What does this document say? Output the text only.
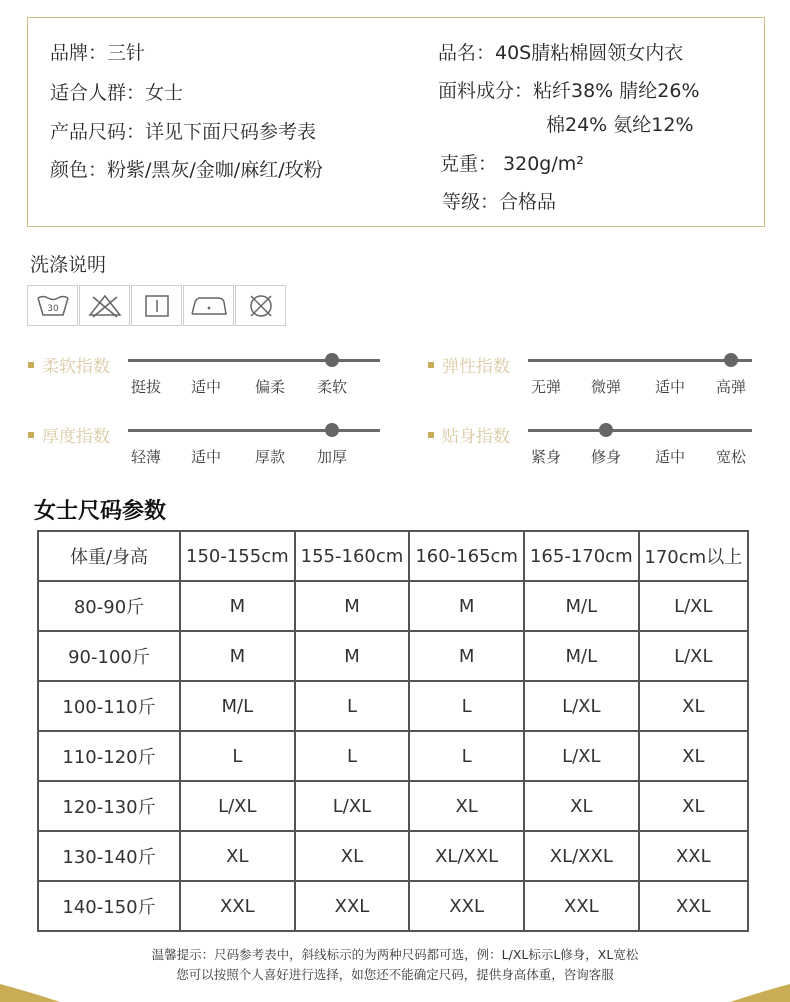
品牌：三针
适合人群：女士
产品尺码：详见下面尺码参考表
颜色：粉紫/黑灰/金咖/麻红/玫粉
品名：40S腈粘棉圆领女内衣
面料成分：粘纤38% 腈纶26%
棉24% 氨纶12%
克重： 320g/m²
等级：合格品
洗涤说明
30
柔软指数
挺拔 适中 偏柔 柔软
弹性指数
无弹 微弹 适中 高弹
厚度指数
轻薄 适中 厚款 加厚
贴身指数
紧身 修身 适中 宽松
女士尺码参数
体重/身高	150-155cm	155-160cm	160-165cm	165-170cm	170cm以上
80-90斤	M	M	M	M/L	L/XL
90-100斤	M	M	M	M/L	L/XL
100-110斤	M/L	L	L	L/XL	XL
110-120斤	L	L	L	L/XL	XL
120-130斤	L/XL	L/XL	XL	XL	XL
130-140斤	XL	XL	XL/XXL	XL/XXL	XXL
140-150斤	XXL	XXL	XXL	XXL	XXL
温馨提示：尺码参考表中，斜线标示的为两种尺码都可选，例：L/XL标示L修身，XL宽松
您可以按照个人喜好进行选择，如您还不能确定尺码，提供身高体重，咨询客服
